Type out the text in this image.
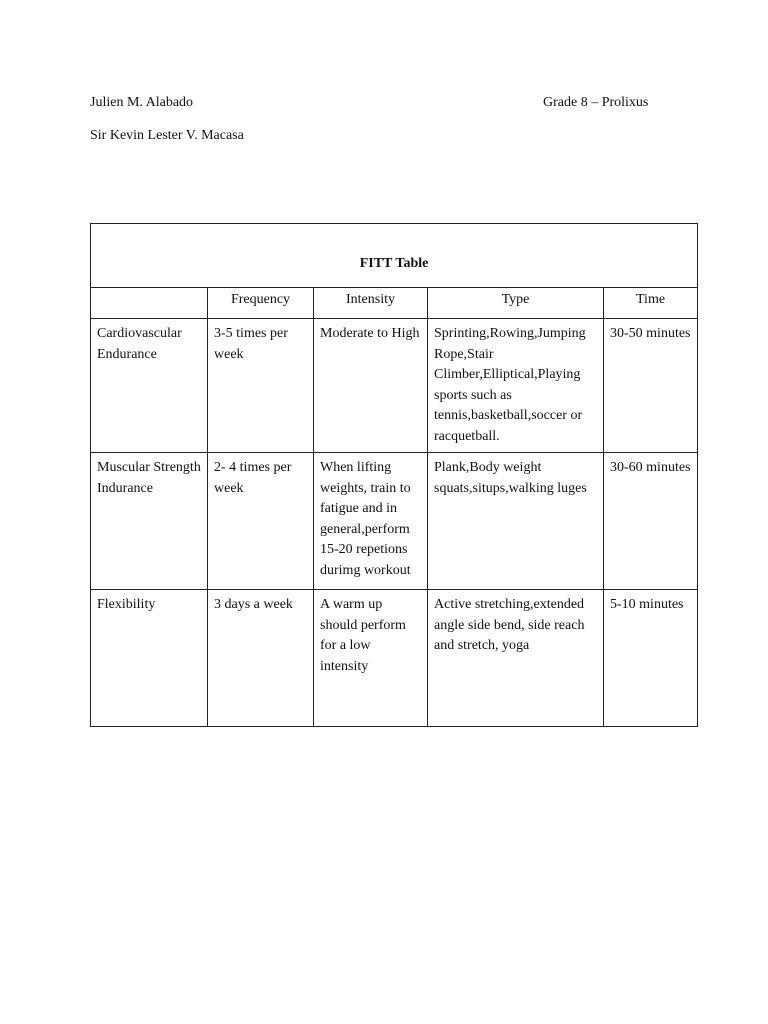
Julien M. Alabado	Grade 8 – Prolixus
Sir Kevin Lester V. Macasa
FITT Table				
	Frequency	Intensity	Type	Time
Cardiovascular Endurance	3-5 times per week	Moderate to High	Sprinting,Rowing,Jumping Rope,Stair Climber,Elliptical,Playing sports such as tennis,basketball,soccer or racquetball.	30-50 minutes
Muscular Strength Indurance	2- 4 times per week	When lifting weights, train to fatigue and in general,perform 15-20 repetions durimg workout	Plank,Body weight squats,situps,walking luges	30-60 minutes
Flexibility	3 days a week	A warm up should perform for a low intensity	Active stretching,extended angle side bend, side reach and stretch, yoga	5-10 minutes
